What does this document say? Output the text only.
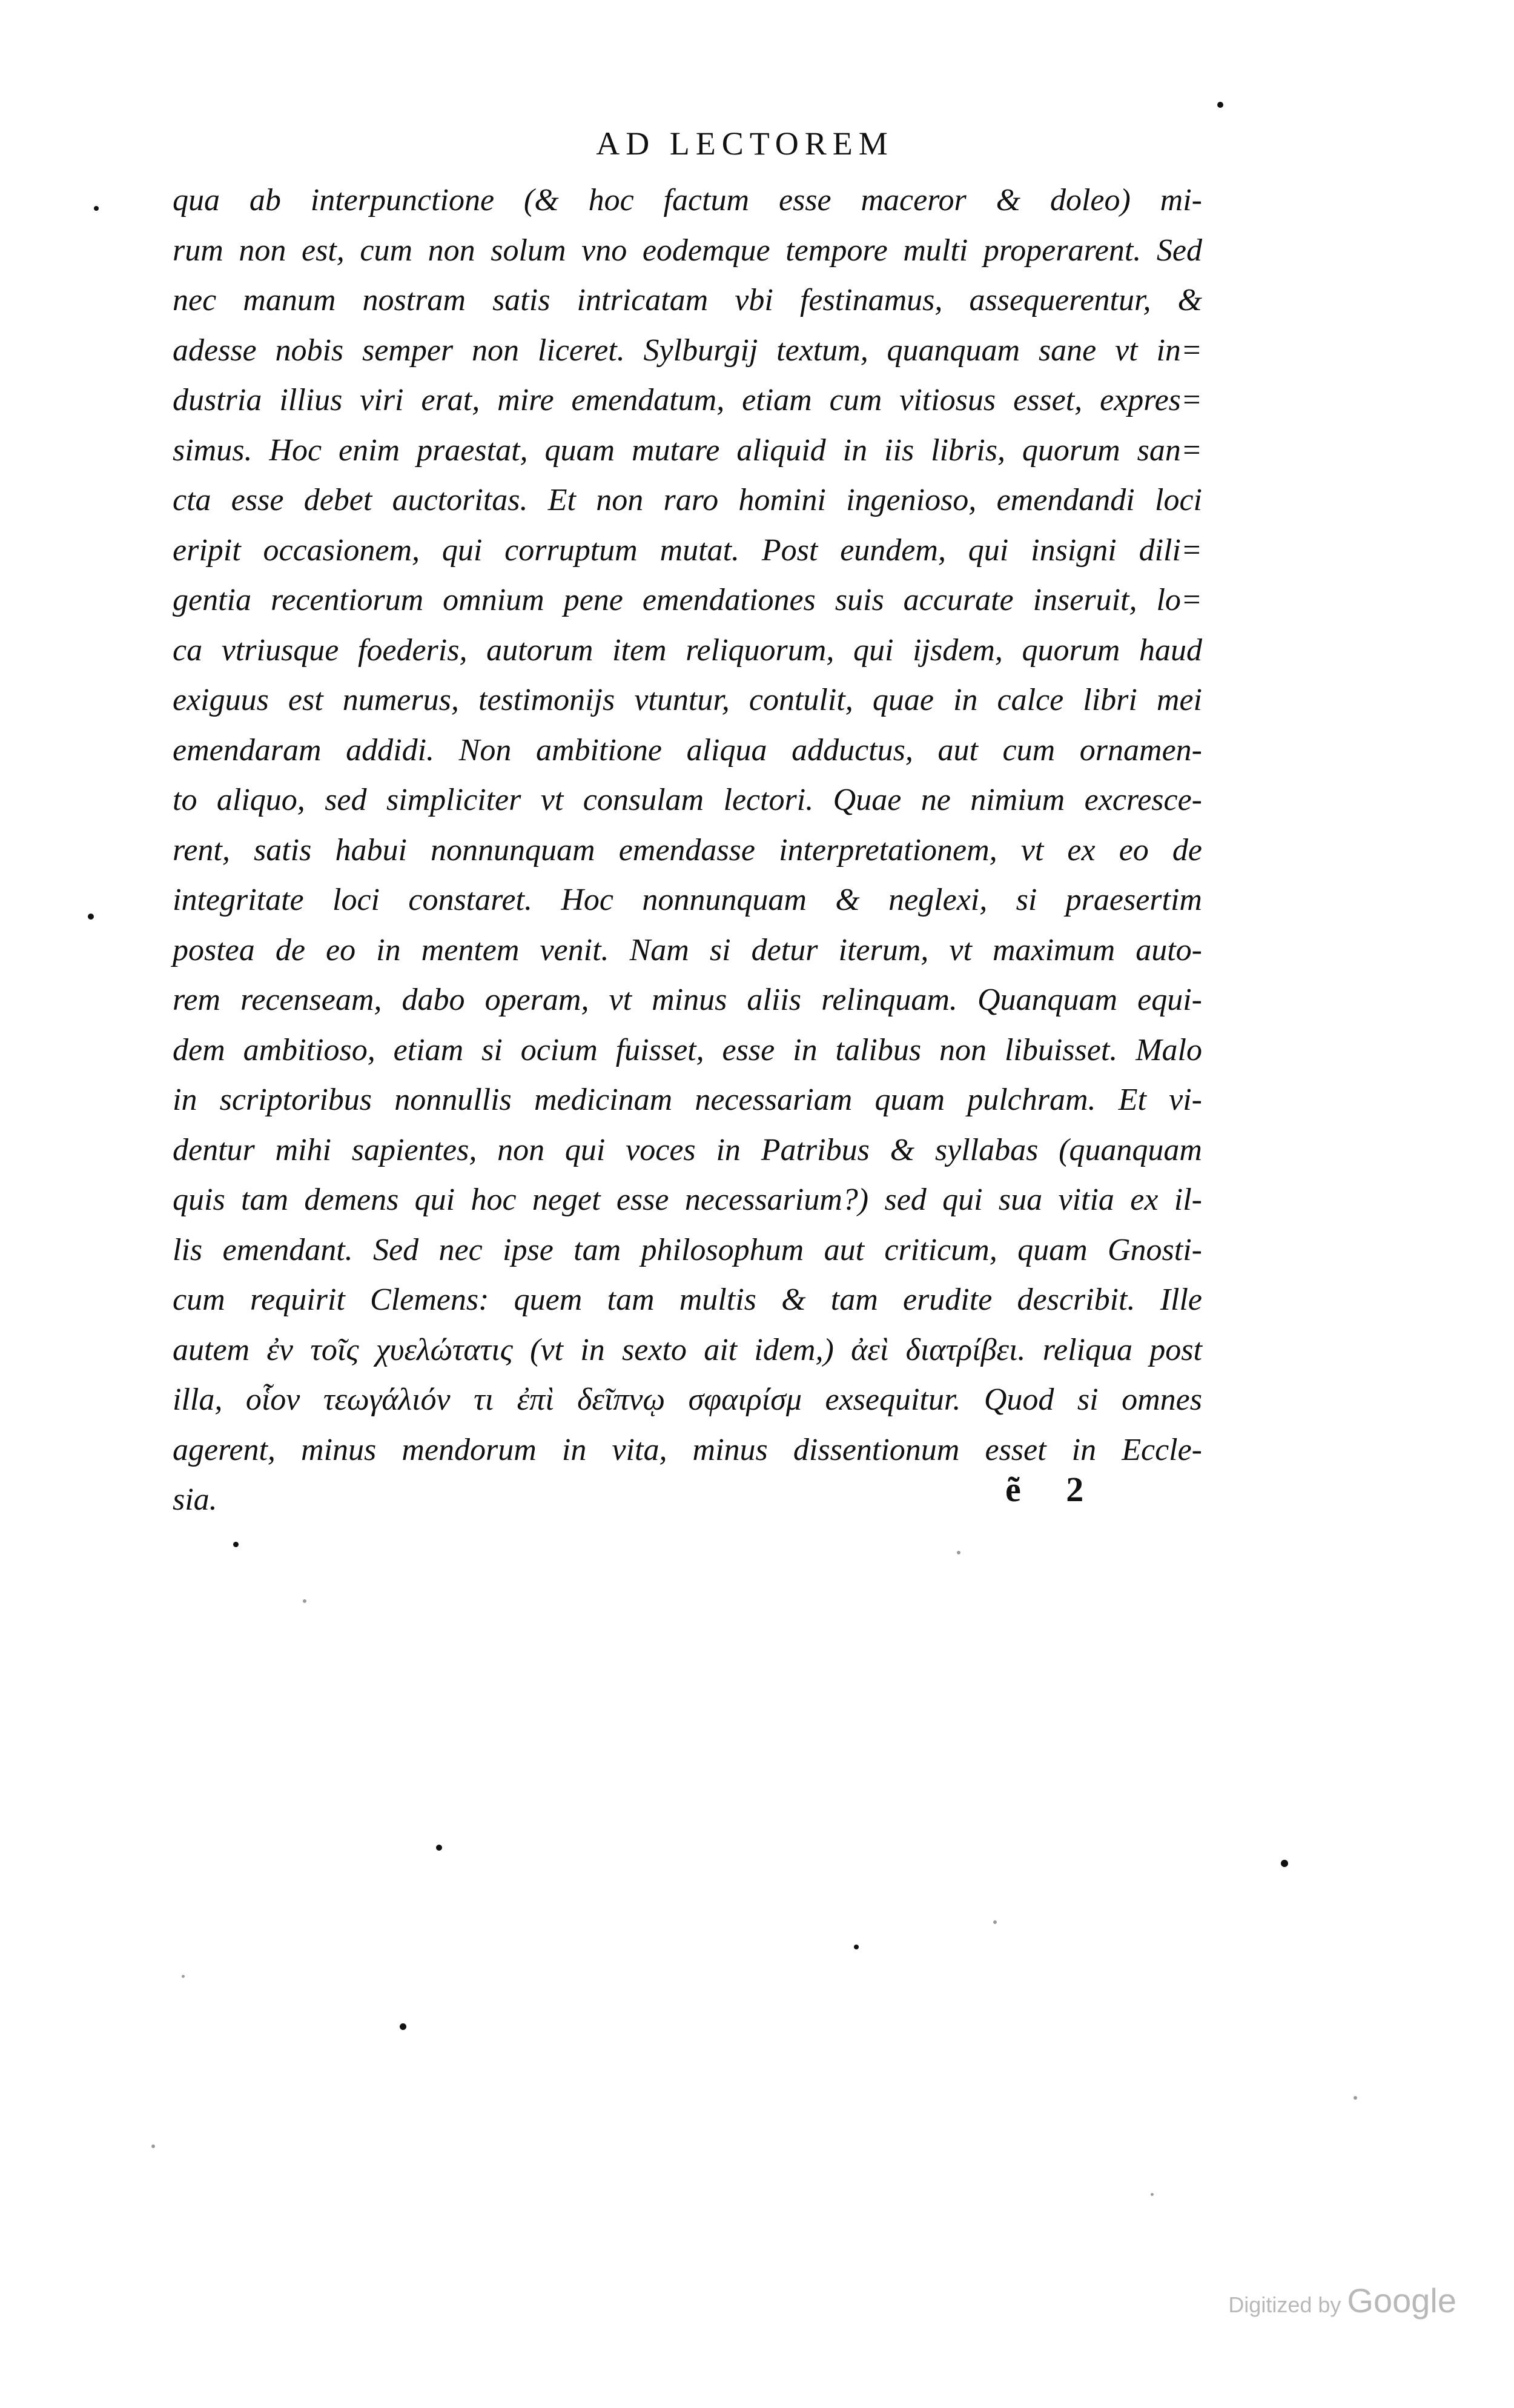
AD LECTOREM
qua ab interpunctione (& hoc factum esse maceror & doleo) mi-
rum non est, cum non solum vno eodemque tempore multi properarent. Sed
nec manum nostram satis intricatam vbi festinamus, assequerentur, &
adesse nobis semper non liceret. Sylburgij textum, quanquam sane vt in=
dustria illius viri erat, mire emendatum, etiam cum vitiosus esset, expres=
simus. Hoc enim praestat, quam mutare aliquid in iis libris, quorum san=
cta esse debet auctoritas. Et non raro homini ingenioso, emendandi loci
eripit occasionem, qui corruptum mutat. Post eundem, qui insigni dili=
gentia recentiorum omnium pene emendationes suis accurate inseruit, lo=
ca vtriusque foederis, autorum item reliquorum, qui ijsdem, quorum haud
exiguus est numerus, testimonijs vtuntur, contulit, quae in calce libri mei
emendaram addidi. Non ambitione aliqua adductus, aut cum ornamen-
to aliquo, sed simpliciter vt consulam lectori. Quae ne nimium excresce-
rent, satis habui nonnunquam emendasse interpretationem, vt ex eo de
integritate loci constaret. Hoc nonnunquam & neglexi, si praesertim
postea de eo in mentem venit. Nam si detur iterum, vt maximum auto-
rem recenseam, dabo operam, vt minus aliis relinquam. Quanquam equi-
dem ambitioso, etiam si ocium fuisset, esse in talibus non libuisset. Malo
in scriptoribus nonnullis medicinam necessariam quam pulchram. Et vi-
dentur mihi sapientes, non qui voces in Patribus & syllabas (quanquam
quis tam demens qui hoc neget esse necessarium?) sed qui sua vitia ex il-
lis emendant. Sed nec ipse tam philosophum aut criticum, quam Gnosti-
cum requirit Clemens: quem tam multis & tam erudite describit. Ille
autem ἐν τοῖς χυελώτατις (vt in sexto ait idem,) ἀεὶ διατρίβει. reliqua post
illa, οἷον τεωγάλιόν τι ἐπὶ δεῖπνῳ σφαιρίσμ exsequitur. Quod si omnes
agerent, minus mendorum in vita, minus dissentionum esset in Eccle-
sia.	ẽ 2
Digitized by Google
